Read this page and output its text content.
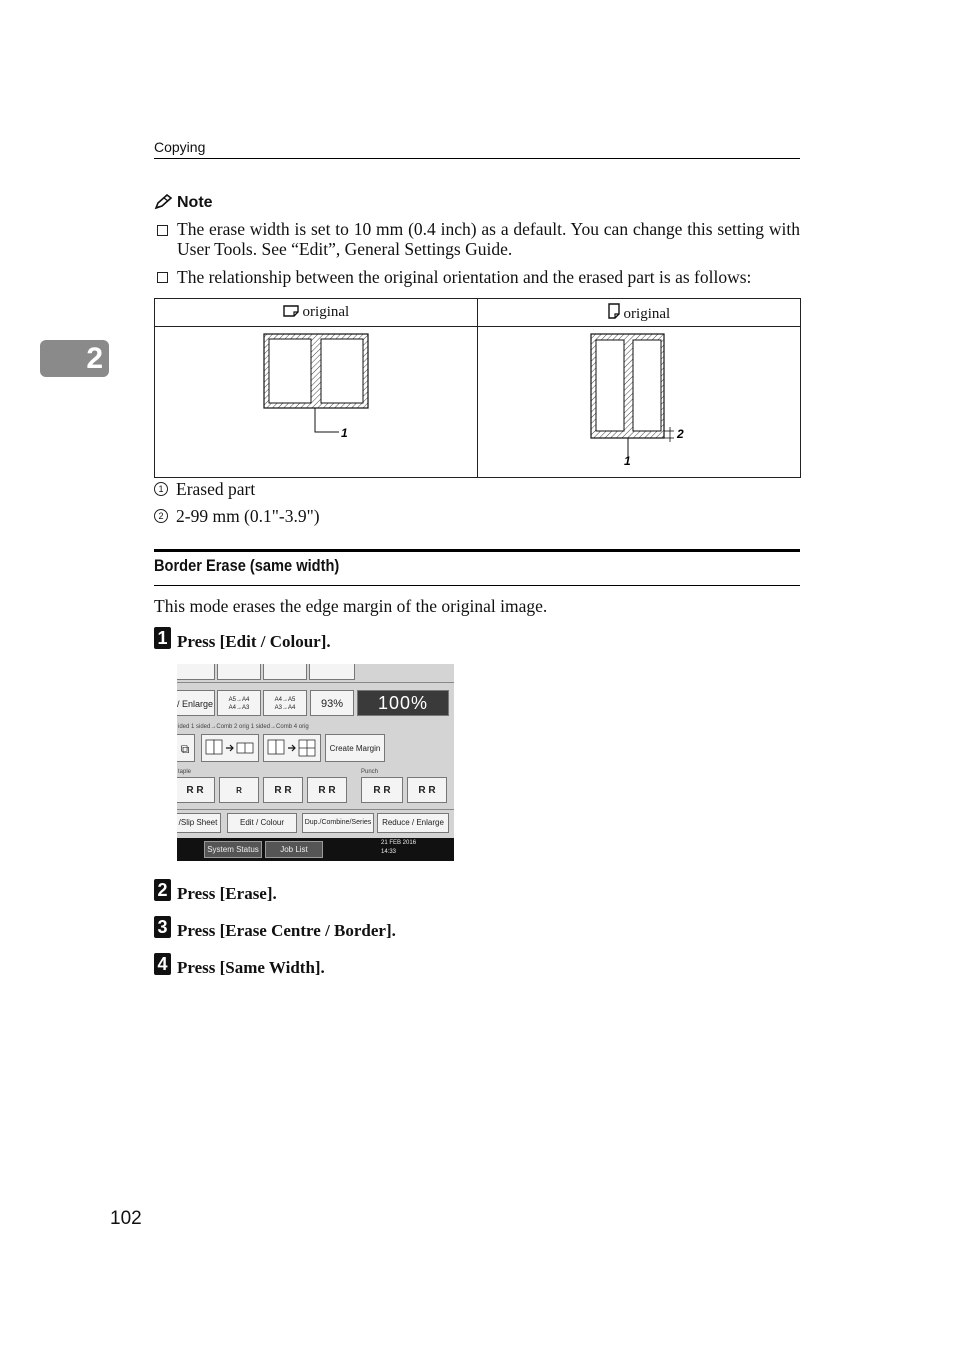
Copying
2
Note
The erase width is set to 10 mm (0.4 inch) as a default. You can change this setting with User Tools. See “Edit”, General Settings Guide.
The relationship between the original orientation and the erased part is as follows:
original	original

1	1
2
1 Erased part
2 2-99 mm (0.1"-3.9")
Border Erase (same width)
This mode erases the edge margin of the original image.
1 Press [Edit / Colour].
/ Enlarge	A5→A4
A4→A3
A4→A5
A3→A4	93%	100%
ided 1 sided→Comb 2 orig 1 sided→Comb 4 orig
⧉	Create Margin
taple	Punch
R R	R	R R	R R	R R	R R
/Slip Sheet	Edit / Colour	Dup./Combine/Series	Reduce / Enlarge
System Status	Job List
21 FEB 2016
14:33
2 Press [Erase].
3 Press [Erase Centre / Border].
4 Press [Same Width].
102
